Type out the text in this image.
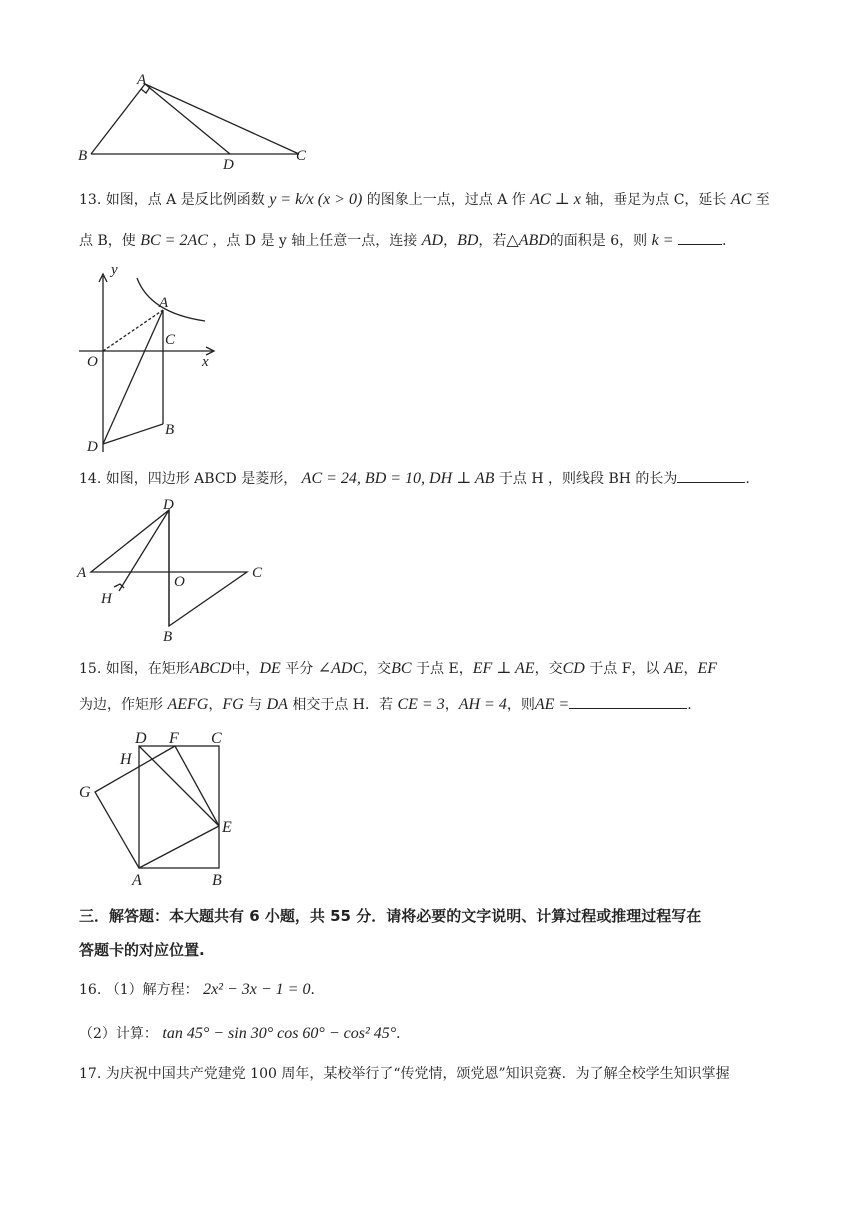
A
B
D
C
13. 如图，点 A 是反比例函数 y = k/x (x > 0) 的图象上一点，过点 A 作 AC ⊥ x 轴，垂足为点 C，延长 AC 至
点 B，使 BC = 2AC ，点 D 是 y 轴上任意一点，连接 AD，BD，若△ABD的面积是 6，则 k =	.
y
A
C
O	x
B
D
14. 如图，四边形 ABCD 是菱形， AC = 24, BD = 10, DH ⊥ AB 于点 H ，则线段 BH 的长为	.
D
A
O
C
H
B
15. 如图，在矩形ABCD中，DE 平分 ∠ADC，交BC 于点 E，EF ⊥ AE，交CD 于点 F，以 AE，EF
为边，作矩形 AEFG，FG 与 DA 相交于点 H．若 CE = 3，AH = 4，则AE =	.
D F C
H
G
E
A	B
三．解答题：本大题共有 6 小题，共 55 分．请将必要的文字说明、计算过程或推理过程写在
答题卡的对应位置.
16. （1）解方程： 2x² − 3x − 1 = 0．
（2）计算： tan 45° − sin 30° cos 60° − cos² 45°．
17. 为庆祝中国共产党建党 100 周年，某校举行了“传党情，颂党恩”知识竞赛．为了解全校学生知识掌握
